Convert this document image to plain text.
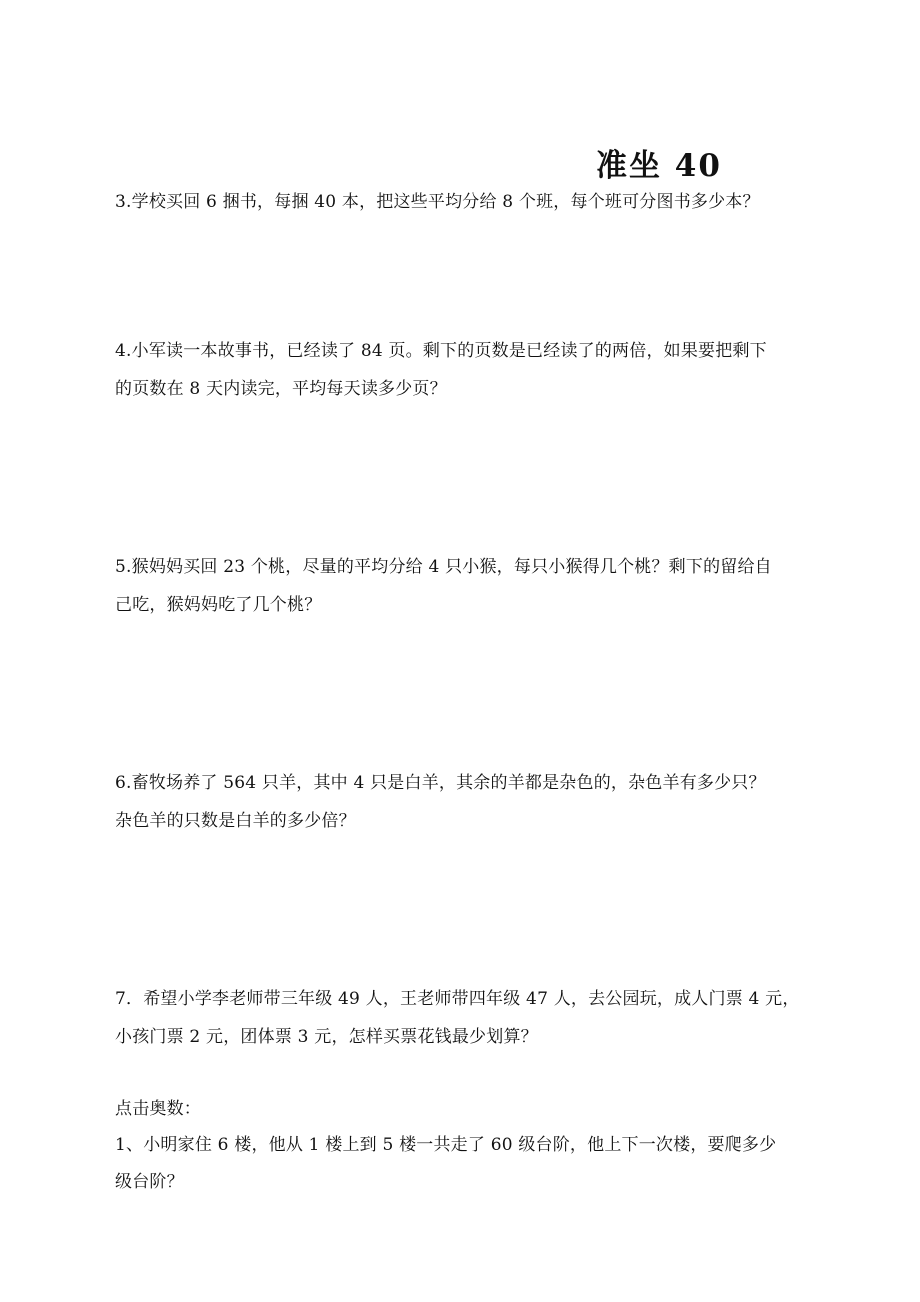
准坐 40
3.学校买回 6 捆书，每捆 40 本，把这些平均分给 8 个班，每个班可分图书多少本？
4.小军读一本故事书，已经读了 84 页。剩下的页数是已经读了的两倍，如果要把剩下
的页数在 8 天内读完，平均每天读多少页？
5.猴妈妈买回 23 个桃，尽量的平均分给 4 只小猴，每只小猴得几个桃？剩下的留给自
己吃，猴妈妈吃了几个桃？
6.畜牧场养了 564 只羊，其中 4 只是白羊，其余的羊都是杂色的，杂色羊有多少只？
杂色羊的只数是白羊的多少倍？
7．希望小学李老师带三年级 49 人，王老师带四年级 47 人，去公园玩，成人门票 4 元，
小孩门票 2 元，团体票 3 元，怎样买票花钱最少划算？
点击奥数：
1、小明家住 6 楼，他从 1 楼上到 5 楼一共走了 60 级台阶，他上下一次楼，要爬多少
级台阶？
